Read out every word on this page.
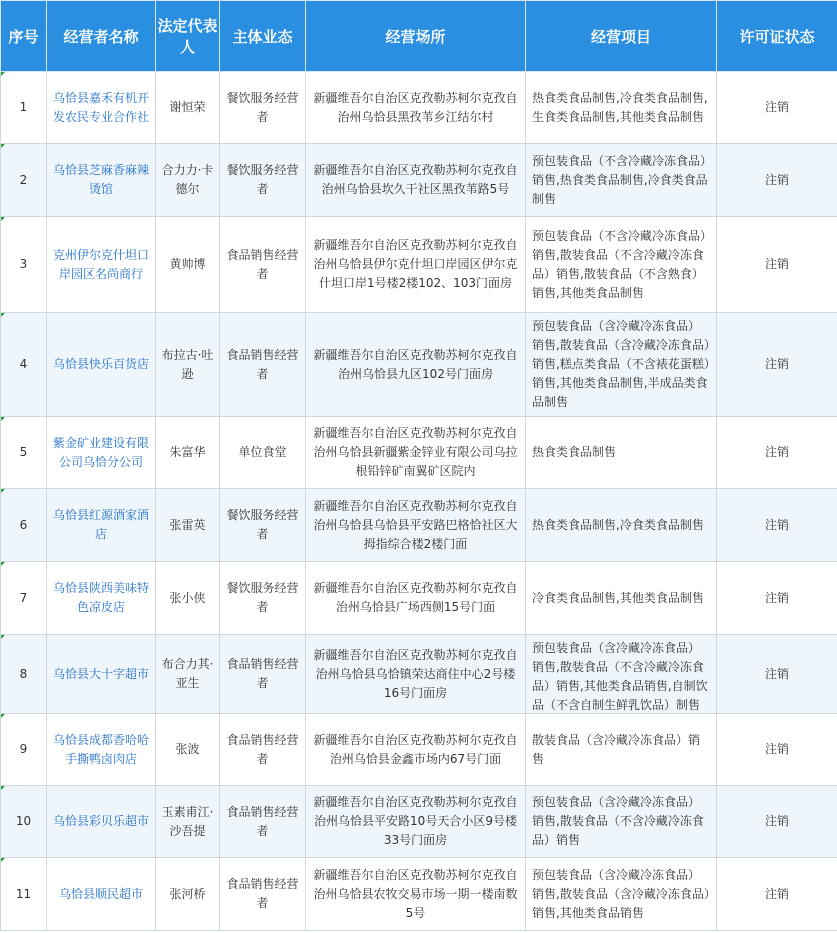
序号	经营者名称	法定代表人	主体业态	经营场所	经营项目	许可证状态
1	乌恰县嘉禾有机开发农民专业合作社	谢恒荣	餐饮服务经营者	新疆维吾尔自治区克孜勒苏柯尔克孜自治州乌恰县黑孜苇乡江结尔村	热食类食品制售,冷食类食品制售,生食类食品制售,其他类食品制售	注销
2	乌恰县芝麻香麻辣烫馆	合力力·卡德尔	餐饮服务经营者	新疆维吾尔自治区克孜勒苏柯尔克孜自治州乌恰县坎久干社区黑孜苇路5号	预包装食品（不含冷藏冷冻食品）销售,热食类食品制售,冷食类食品制售	注销
3	克州伊尔克什坦口岸园区名尚商行	黄帅博	食品销售经营者	新疆维吾尔自治区克孜勒苏柯尔克孜自治州乌恰县伊尔克什坦口岸园区伊尔克什坦口岸1号楼2楼102、103门面房	预包装食品（不含冷藏冷冻食品）销售,散装食品（不含冷藏冷冻食品）销售,散装食品（不含熟食）销售,其他类食品制售	注销
4	乌恰县快乐百货店	布拉古·吐逊	食品销售经营者	新疆维吾尔自治区克孜勒苏柯尔克孜自治州乌恰县九区102号门面房	预包装食品（含冷藏冷冻食品）销售,散装食品（含冷藏冷冻食品）销售,糕点类食品（不含裱花蛋糕）销售,其他类食品制售,半成品类食品制售	注销
5	紫金矿业建设有限公司乌恰分公司	朱富华	单位食堂	新疆维吾尔自治区克孜勒苏柯尔克孜自治州乌恰县新疆紫金锌业有限公司乌拉根铅锌矿南翼矿区院内	热食类食品制售	注销
6	乌恰县红源酒家酒店	张雷英	餐饮服务经营者	新疆维吾尔自治区克孜勒苏柯尔克孜自治州乌恰县乌恰县平安路巴格恰社区大拇指综合楼2楼门面	热食类食品制售,冷食类食品制售	注销
7	乌恰县陕西美味特色凉皮店	张小侠	餐饮服务经营者	新疆维吾尔自治区克孜勒苏柯尔克孜自治州乌恰县广场西侧15号门面	冷食类食品制售,其他类食品制售	注销
8	乌恰县大十字超市	布合力其·亚生	食品销售经营者	新疆维吾尔自治区克孜勒苏柯尔克孜自治州乌恰县乌恰镇荣达商住中心2号楼16号门面房	预包装食品（含冷藏冷冻食品）销售,散装食品（不含冷藏冷冻食品）销售,其他类食品销售,自制饮品（不含自制生鲜乳饮品）制售	注销
9	乌恰县成都香哈哈手撕鸭卤肉店	张波	食品销售经营者	新疆维吾尔自治区克孜勒苏柯尔克孜自治州乌恰县金鑫市场内67号门面	散装食品（含冷藏冷冻食品）销售	注销
10	乌恰县彩贝乐超市	玉素甫江·沙吾提	食品销售经营者	新疆维吾尔自治区克孜勒苏柯尔克孜自治州乌恰县平安路10号天合小区9号楼33号门面房	预包装食品（含冷藏冷冻食品）销售,散装食品（不含冷藏冷冻食品）销售	注销
11	乌恰县顺民超市	张河桥	食品销售经营者	新疆维吾尔自治区克孜勒苏柯尔克孜自治州乌恰县农牧交易市场一期一楼南数5号	预包装食品（含冷藏冷冻食品）销售,散装食品（含冷藏冷冻食品）销售,其他类食品销售	注销
